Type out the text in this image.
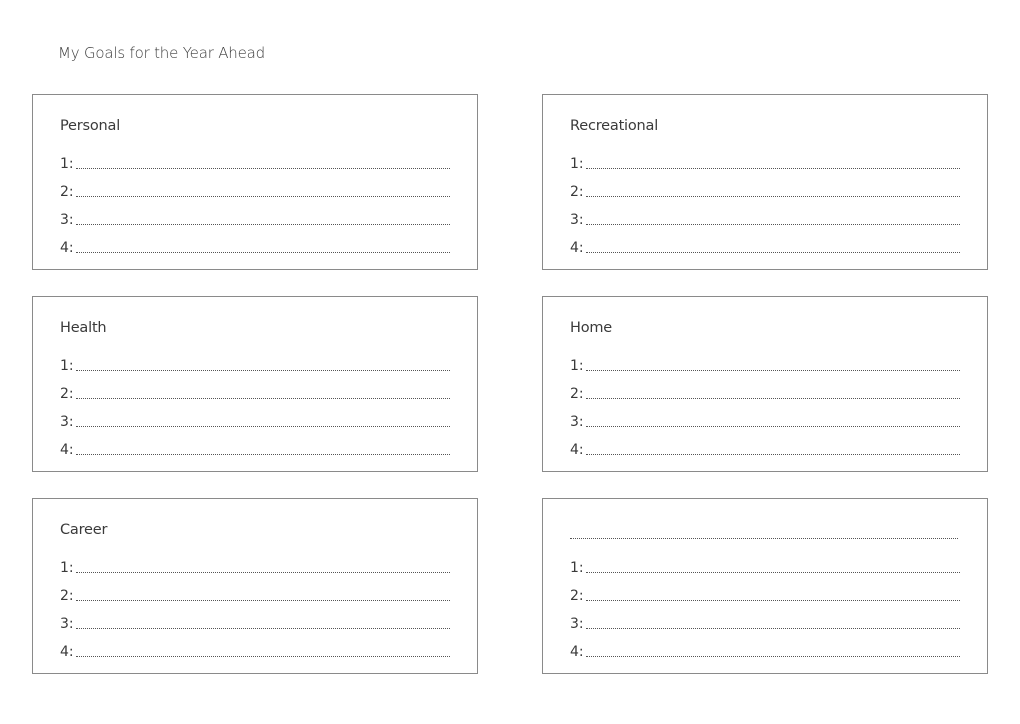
My Goals for the Year Ahead
Personal
1:
2:
3:
4:
Recreational
1:
2:
3:
4:
Health
1:
2:
3:
4:
Home
1:
2:
3:
4:
Career
1:
2:
3:
4:
1:
2:
3:
4:
